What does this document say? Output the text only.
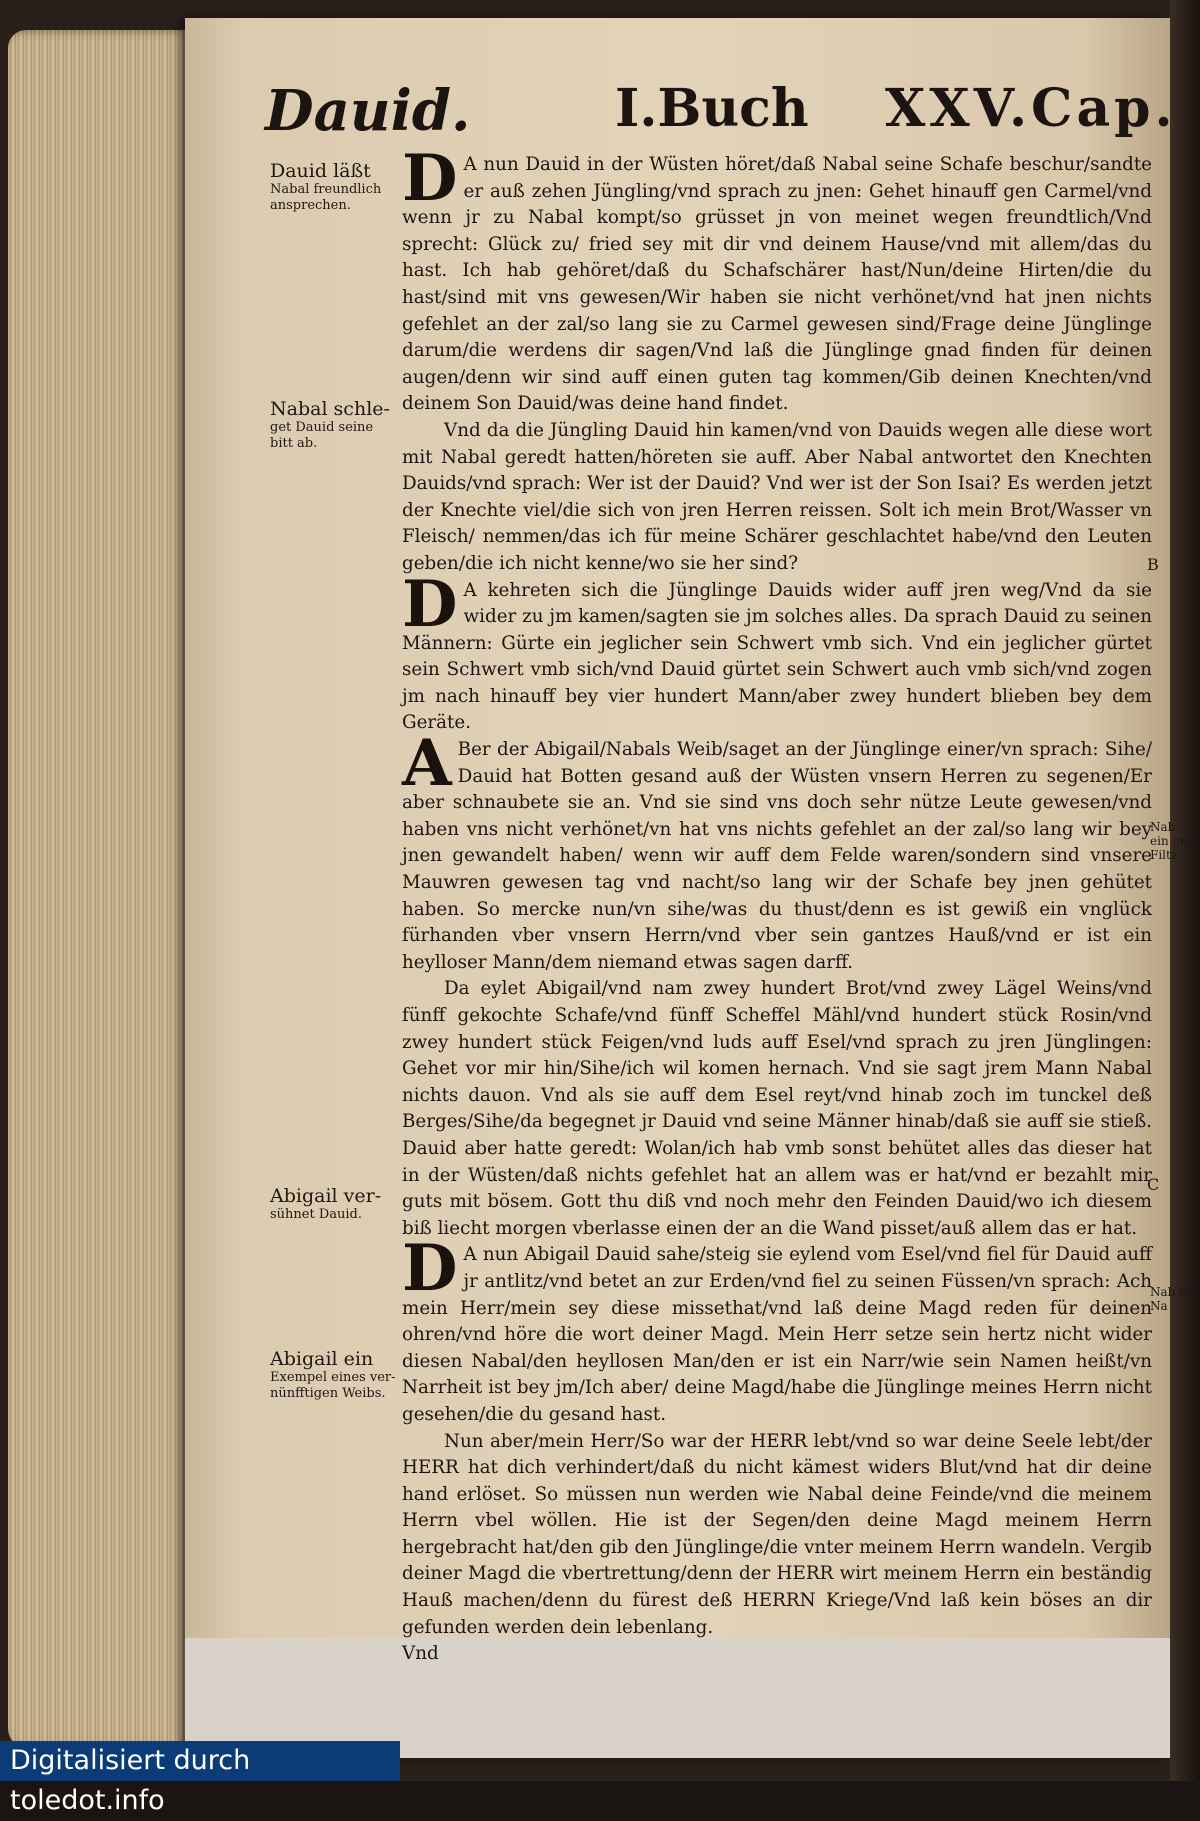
Dauid.	I.Buch XXV.Cap.
Dauid läßt
Nabal freundlich ansprechen.
Nabal schle-
get Dauid seine bitt ab.
Abigail ver-
sühnet Dauid.
Abigail ein
Exempel eines ver-nünfftigen Weibs.
B
C
Nab. ein gei Filtz.
Nab ein Na

D A nun Dauid in der Wüsten höret/daß Nabal seine Schafe beschur/sandte er auß zehen Jüngling/vnd sprach zu jnen: Gehet hinauff gen Carmel/vnd wenn jr zu Nabal kompt/so grüsset jn von meinet wegen freundtlich/Vnd sprecht: Glück zu/ fried sey mit dir vnd deinem Hause/vnd mit allem/das du hast. Ich hab gehöret/daß du Schafschärer hast/Nun/deine Hirten/die du hast/sind mit vns gewesen/Wir haben sie nicht verhönet/vnd hat jnen nichts gefehlet an der zal/so lang sie zu Carmel gewesen sind/Frage deine Jünglinge darum/die werdens dir sagen/Vnd laß die Jünglinge gnad finden für deinen augen/denn wir sind auff einen guten tag kommen/Gib deinen Knechten/vnd deinem Son Dauid/was deine hand findet.

Vnd da die Jüngling Dauid hin kamen/vnd von Dauids wegen alle diese wort mit Nabal geredt hatten/höreten sie auff. Aber Nabal antwortet den Knechten Dauids/vnd sprach: Wer ist der Dauid? Vnd wer ist der Son Isai? Es werden jetzt der Knechte viel/die sich von jren Herren reissen. Solt ich mein Brot/Wasser vn Fleisch/ nemmen/das ich für meine Schärer geschlachtet habe/vnd den Leuten geben/die ich nicht kenne/wo sie her sind?

D A kehreten sich die Jünglinge Dauids wider auff jren weg/Vnd da sie wider zu jm kamen/sagten sie jm solches alles. Da sprach Dauid zu seinen Männern: Gürte ein jeglicher sein Schwert vmb sich. Vnd ein jeglicher gürtet sein Schwert vmb sich/vnd Dauid gürtet sein Schwert auch vmb sich/vnd zogen jm nach hinauff bey vier hundert Mann/aber zwey hundert blieben bey dem Geräte.

A Ber der Abigail/Nabals Weib/saget an der Jünglinge einer/vn sprach: Sihe/ Dauid hat Botten gesand auß der Wüsten vnsern Herren zu segenen/Er aber schnaubete sie an. Vnd sie sind vns doch sehr nütze Leute gewesen/vnd haben vns nicht verhönet/vn hat vns nichts gefehlet an der zal/so lang wir bey jnen gewandelt haben/ wenn wir auff dem Felde waren/sondern sind vnsere Mauwren gewesen tag vnd nacht/so lang wir der Schafe bey jnen gehütet haben. So mercke nun/vn sihe/was du thust/denn es ist gewiß ein vnglück fürhanden vber vnsern Herrn/vnd vber sein gantzes Hauß/vnd er ist ein heylloser Mann/dem niemand etwas sagen darff.

Da eylet Abigail/vnd nam zwey hundert Brot/vnd zwey Lägel Weins/vnd fünff gekochte Schafe/vnd fünff Scheffel Mähl/vnd hundert stück Rosin/vnd zwey hundert stück Feigen/vnd luds auff Esel/vnd sprach zu jren Jünglingen: Gehet vor mir hin/Sihe/ich wil komen hernach. Vnd sie sagt jrem Mann Nabal nichts dauon. Vnd als sie auff dem Esel reyt/vnd hinab zoch im tunckel deß Berges/Sihe/da begegnet jr Dauid vnd seine Männer hinab/daß sie auff sie stieß. Dauid aber hatte geredt: Wolan/ich hab vmb sonst behütet alles das dieser hat in der Wüsten/daß nichts gefehlet hat an allem was er hat/vnd er bezahlt mir guts mit bösem. Gott thu diß vnd noch mehr den Feinden Dauid/wo ich diesem biß liecht morgen vberlasse einen der an die Wand pisset/auß allem das er hat.

D A nun Abigail Dauid sahe/steig sie eylend vom Esel/vnd fiel für Dauid auff jr antlitz/vnd betet an zur Erden/vnd fiel zu seinen Füssen/vn sprach: Ach mein Herr/mein sey diese missethat/vnd laß deine Magd reden für deinen ohren/vnd höre die wort deiner Magd. Mein Herr setze sein hertz nicht wider diesen Nabal/den heyllosen Man/den er ist ein Narr/wie sein Namen heißt/vn Narrheit ist bey jm/Ich aber/ deine Magd/habe die Jünglinge meines Herrn nicht gesehen/die du gesand hast.

Nun aber/mein Herr/So war der HERR lebt/vnd so war deine Seele lebt/der HERR hat dich verhindert/daß du nicht kämest widers Blut/vnd hat dir deine hand erlöset. So müssen nun werden wie Nabal deine Feinde/vnd die meinem Herrn vbel wöllen. Hie ist der Segen/den deine Magd meinem Herrn hergebracht hat/den gib den Jünglinge/die vnter meinem Herrn wandeln. Vergib deiner Magd die vbertrettung/denn der HERR wirt meinem Herrn ein beständig Hauß machen/denn du fürest deß HERRN Kriege/Vnd laß kein böses an dir gefunden werden dein lebenlang.

Vnd
Digitalisiert durch toledot.info
